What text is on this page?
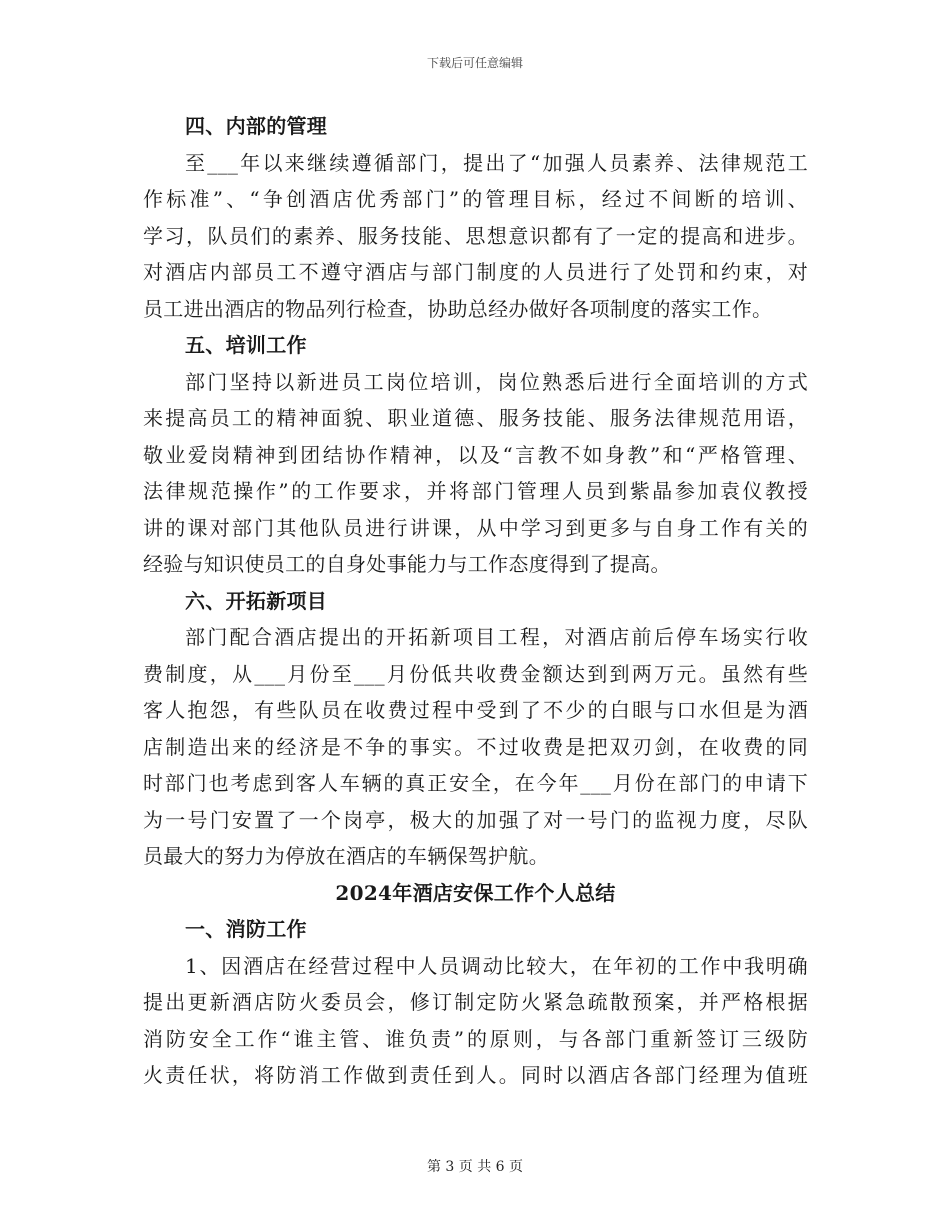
下载后可任意编辑
四、内部的管理
至___年以来继续遵循部门，提出了“加强人员素养、法律规范工
作标准”、“争创酒店优秀部门”的管理目标，经过不间断的培训、
学习，队员们的素养、服务技能、思想意识都有了一定的提高和进步。
对酒店内部员工不遵守酒店与部门制度的人员进行了处罚和约束，对
员工进出酒店的物品列行检查，协助总经办做好各项制度的落实工作。
五、培训工作
部门坚持以新进员工岗位培训，岗位熟悉后进行全面培训的方式
来提高员工的精神面貌、职业道德、服务技能、服务法律规范用语，
敬业爱岗精神到团结协作精神，以及“言教不如身教”和“严格管理、
法律规范操作”的工作要求，并将部门管理人员到紫晶参加袁仪教授
讲的课对部门其他队员进行讲课，从中学习到更多与自身工作有关的
经验与知识使员工的自身处事能力与工作态度得到了提高。
六、开拓新项目
部门配合酒店提出的开拓新项目工程，对酒店前后停车场实行收
费制度，从___月份至___月份低共收费金额达到到两万元。虽然有些
客人抱怨，有些队员在收费过程中受到了不少的白眼与口水但是为酒
店制造出来的经济是不争的事实。不过收费是把双刃剑，在收费的同
时部门也考虑到客人车辆的真正安全，在今年___月份在部门的申请下
为一号门安置了一个岗亭，极大的加强了对一号门的监视力度，尽队
员最大的努力为停放在酒店的车辆保驾护航。
2024年酒店安保工作个人总结
一、消防工作
1、因酒店在经营过程中人员调动比较大，在年初的工作中我明确
提出更新酒店防火委员会，修订制定防火紧急疏散预案，并严格根据
消防安全工作“谁主管、谁负责”的原则，与各部门重新签订三级防
火责任状，将防消工作做到责任到人。同时以酒店各部门经理为值班
第 3 页 共 6 页
